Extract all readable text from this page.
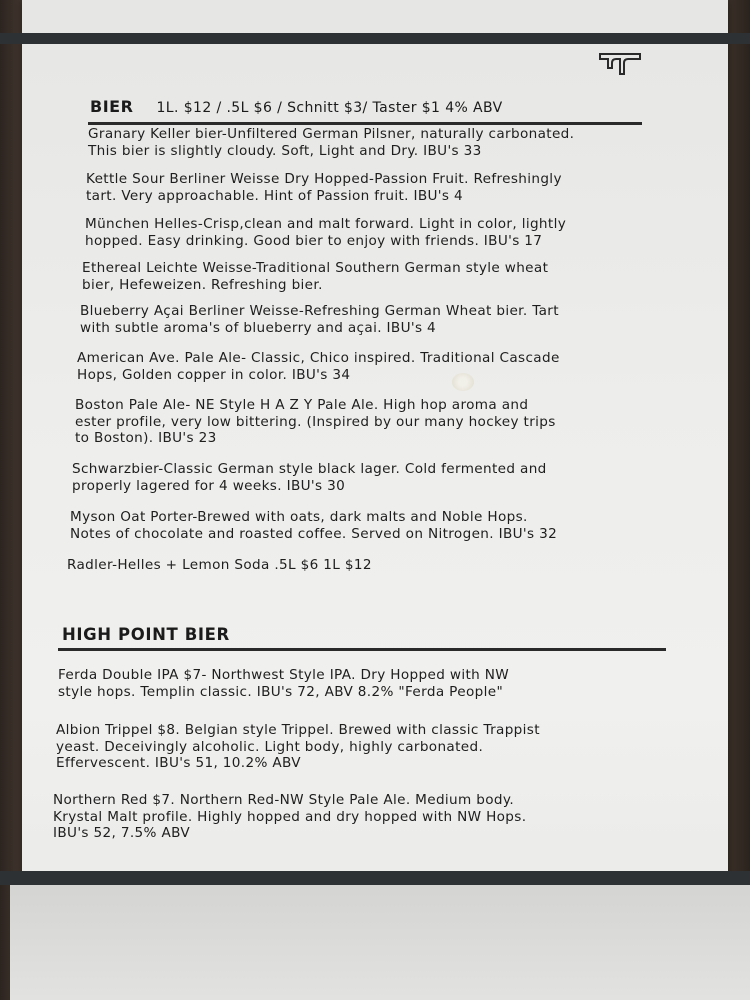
BIER 1L. $12 / .5L $6 / Schnitt $3/ Taster $1 4% ABV
Granary Keller bier-Unfiltered German Pilsner, naturally carbonated.
This bier is slightly cloudy. Soft, Light and Dry. IBU's 33
Kettle Sour Berliner Weisse Dry Hopped-Passion Fruit. Refreshingly
tart. Very approachable. Hint of Passion fruit. IBU's 4
München Helles-Crisp,clean and malt forward. Light in color, lightly
hopped. Easy drinking. Good bier to enjoy with friends. IBU's 17
Ethereal Leichte Weisse-Traditional Southern German style wheat
bier, Hefeweizen. Refreshing bier.
Blueberry Açai Berliner Weisse-Refreshing German Wheat bier. Tart
with subtle aroma's of blueberry and açai. IBU's 4
American Ave. Pale Ale- Classic, Chico inspired. Traditional Cascade
Hops, Golden copper in color. IBU's 34
Boston Pale Ale- NE Style H A Z Y Pale Ale. High hop aroma and
ester profile, very low bittering. (Inspired by our many hockey trips
to Boston). IBU's 23
Schwarzbier-Classic German style black lager. Cold fermented and
properly lagered for 4 weeks. IBU's 30
Myson Oat Porter-Brewed with oats, dark malts and Noble Hops.
Notes of chocolate and roasted coffee. Served on Nitrogen. IBU's 32
Radler-Helles + Lemon Soda .5L $6 1L $12
HIGH POINT BIER
Ferda Double IPA $7- Northwest Style IPA. Dry Hopped with NW
style hops. Templin classic. IBU's 72, ABV 8.2% "Ferda People"
Albion Trippel $8. Belgian style Trippel. Brewed with classic Trappist
yeast. Deceivingly alcoholic. Light body, highly carbonated.
Effervescent. IBU's 51, 10.2% ABV
Northern Red $7. Northern Red-NW Style Pale Ale. Medium body.
Krystal Malt profile. Highly hopped and dry hopped with NW Hops.
IBU's 52, 7.5% ABV
